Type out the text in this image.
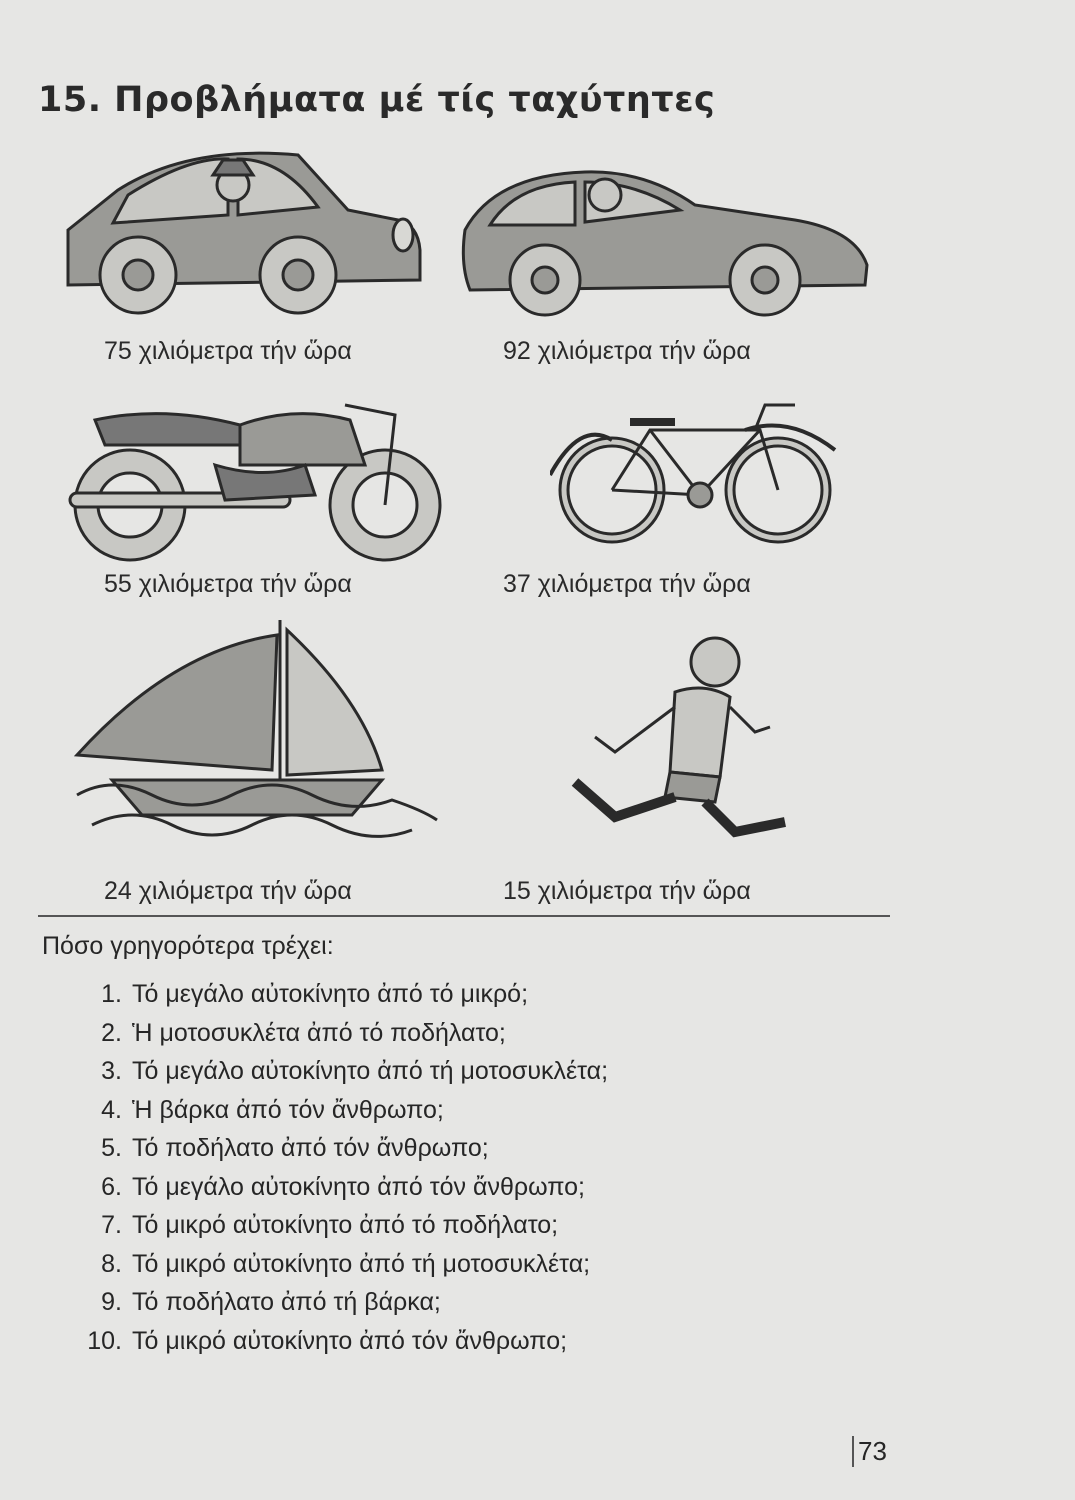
15. Προβλήματα μέ τίς ταχύτητες
75 χιλιόμετρα τήν ὥρα	92 χιλιόμετρα τήν ὥρα
55 χιλιόμετρα τήν ὥρα	37 χιλιόμετρα τήν ὥρα
24 χιλιόμετρα τήν ὥρα	15 χιλιόμετρα τήν ὥρα
Πόσο γρηγορότερα τρέχει:
1. Τό μεγάλο αὐτοκίνητο ἀπό τό μικρό;
2. Ἡ μοτοσυκλέτα ἀπό τό ποδήλατο;
3. Τό μεγάλο αὐτοκίνητο ἀπό τή μοτοσυκλέτα;
4. Ἡ βάρκα ἀπό τόν ἄνθρωπο;
5. Τό ποδήλατο ἀπό τόν ἄνθρωπο;
6. Τό μεγάλο αὐτοκίνητο ἀπό τόν ἄνθρωπο;
7. Τό μικρό αὐτοκίνητο ἀπό τό ποδήλατο;
8. Τό μικρό αὐτοκίνητο ἀπό τή μοτοσυκλέτα;
9. Τό ποδήλατο ἀπό τή βάρκα;
10. Τό μικρό αὐτοκίνητο ἀπό τόν ἄνθρωπο;
73
